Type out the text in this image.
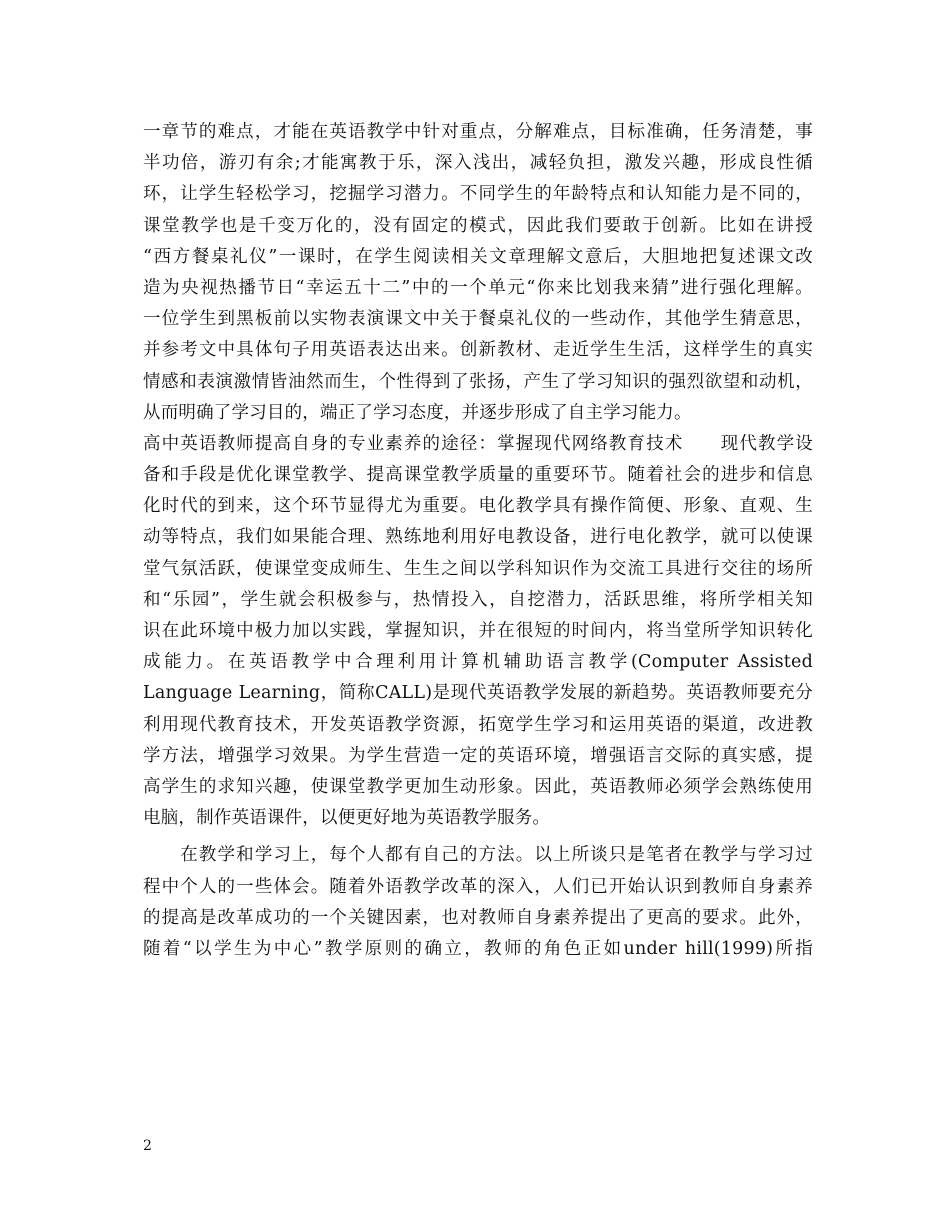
一章节的难点，才能在英语教学中针对重点，分解难点，目标准确，任务清楚，事
半功倍，游刃有余;才能寓教于乐，深入浅出，减轻负担，激发兴趣，形成良性循
环，让学生轻松学习，挖掘学习潜力。不同学生的年龄特点和认知能力是不同的，
课堂教学也是千变万化的，没有固定的模式，因此我们要敢于创新。比如在讲授
“西方餐桌礼仪”一课时，在学生阅读相关文章理解文意后，大胆地把复述课文改
造为央视热播节日“幸运五十二”中的一个单元“你来比划我来猜”进行强化理解。
一位学生到黑板前以实物表演课文中关于餐桌礼仪的一些动作，其他学生猜意思，
并参考文中具体句子用英语表达出来。创新教材、走近学生生活，这样学生的真实
情感和表演激情皆油然而生，个性得到了张扬，产生了学习知识的强烈欲望和动机，
从而明确了学习目的，端正了学习态度，并逐步形成了自主学习能力。
高中英语教师提高自身的专业素养的途径：掌握现代网络教育技术　　现代教学设
备和手段是优化课堂教学、提高课堂教学质量的重要环节。随着社会的进步和信息
化时代的到来，这个环节显得尤为重要。电化教学具有操作简便、形象、直观、生
动等特点，我们如果能合理、熟练地利用好电教设备，进行电化教学，就可以使课
堂气氛活跃，使课堂变成师生、生生之间以学科知识作为交流工具进行交往的场所
和“乐园”，学生就会积极参与，热情投入，自挖潜力，活跃思维，将所学相关知
识在此环境中极力加以实践，掌握知识，并在很短的时间内，将当堂所学知识转化
成能力。在英语教学中合理利用计算机辅助语言教学(Computer Assisted
Language Learning，简称CALL)是现代英语教学发展的新趋势。英语教师要充分
利用现代教育技术，开发英语教学资源，拓宽学生学习和运用英语的渠道，改进教
学方法，增强学习效果。为学生营造一定的英语环境，增强语言交际的真实感，提
高学生的求知兴趣，使课堂教学更加生动形象。因此，英语教师必须学会熟练使用
电脑，制作英语课件，以便更好地为英语教学服务。
　　在教学和学习上，每个人都有自己的方法。以上所谈只是笔者在教学与学习过
程中个人的一些体会。随着外语教学改革的深入，人们已开始认识到教师自身素养
的提高是改革成功的一个关键因素，也对教师自身素养提出了更高的要求。此外，
随着“以学生为中心”教学原则的确立，教师的角色正如under hill(1999)所指
2
